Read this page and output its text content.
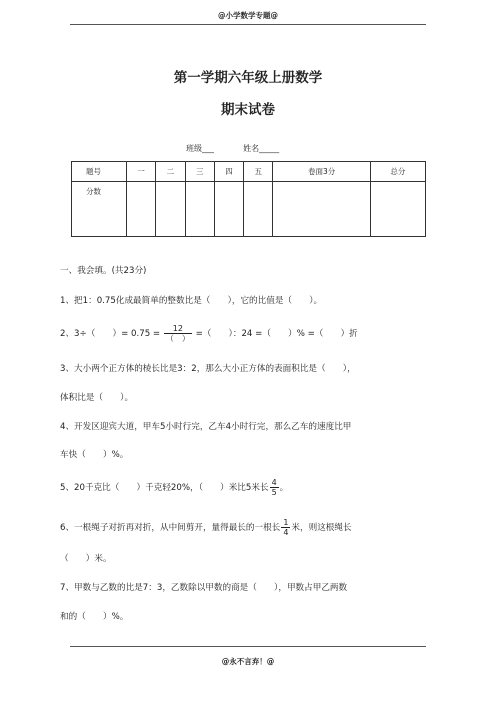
@小学数学专题@
第一学期六年级上册数学
期末试卷
班级___	姓名_____
题号	一	二	三	四	五	卷面3分	总分
分数							
一、我会填。(共23分)
1、把1：0.75化成最简单的整数比是（　　），它的比值是（　　）。
2、3÷（　　）= $0.75 = \frac{12}{( )}$ =（　　）：24 =（　　）% =（　　）折
3、大小两个正方体的棱长比是3：2，那么大小正方体的表面积比是（　　），
体积比是（　　）。
4、开发区迎宾大道，甲车5小时行完，乙车4小时行完，那么乙车的速度比甲
车快（　　）%。
5、20千克比（　　）千克轻20%，（　　）米比5米长 $\frac{4}{5}$ 。
6、一根绳子对折再对折，从中间剪开，量得最长的一根长 $\frac{1}{4}$ 米，则这根绳长
（　　）米。
7、甲数与乙数的比是7：3，乙数除以甲数的商是（　　），甲数占甲乙两数
和的（　　）%。
@永不言弃！@
